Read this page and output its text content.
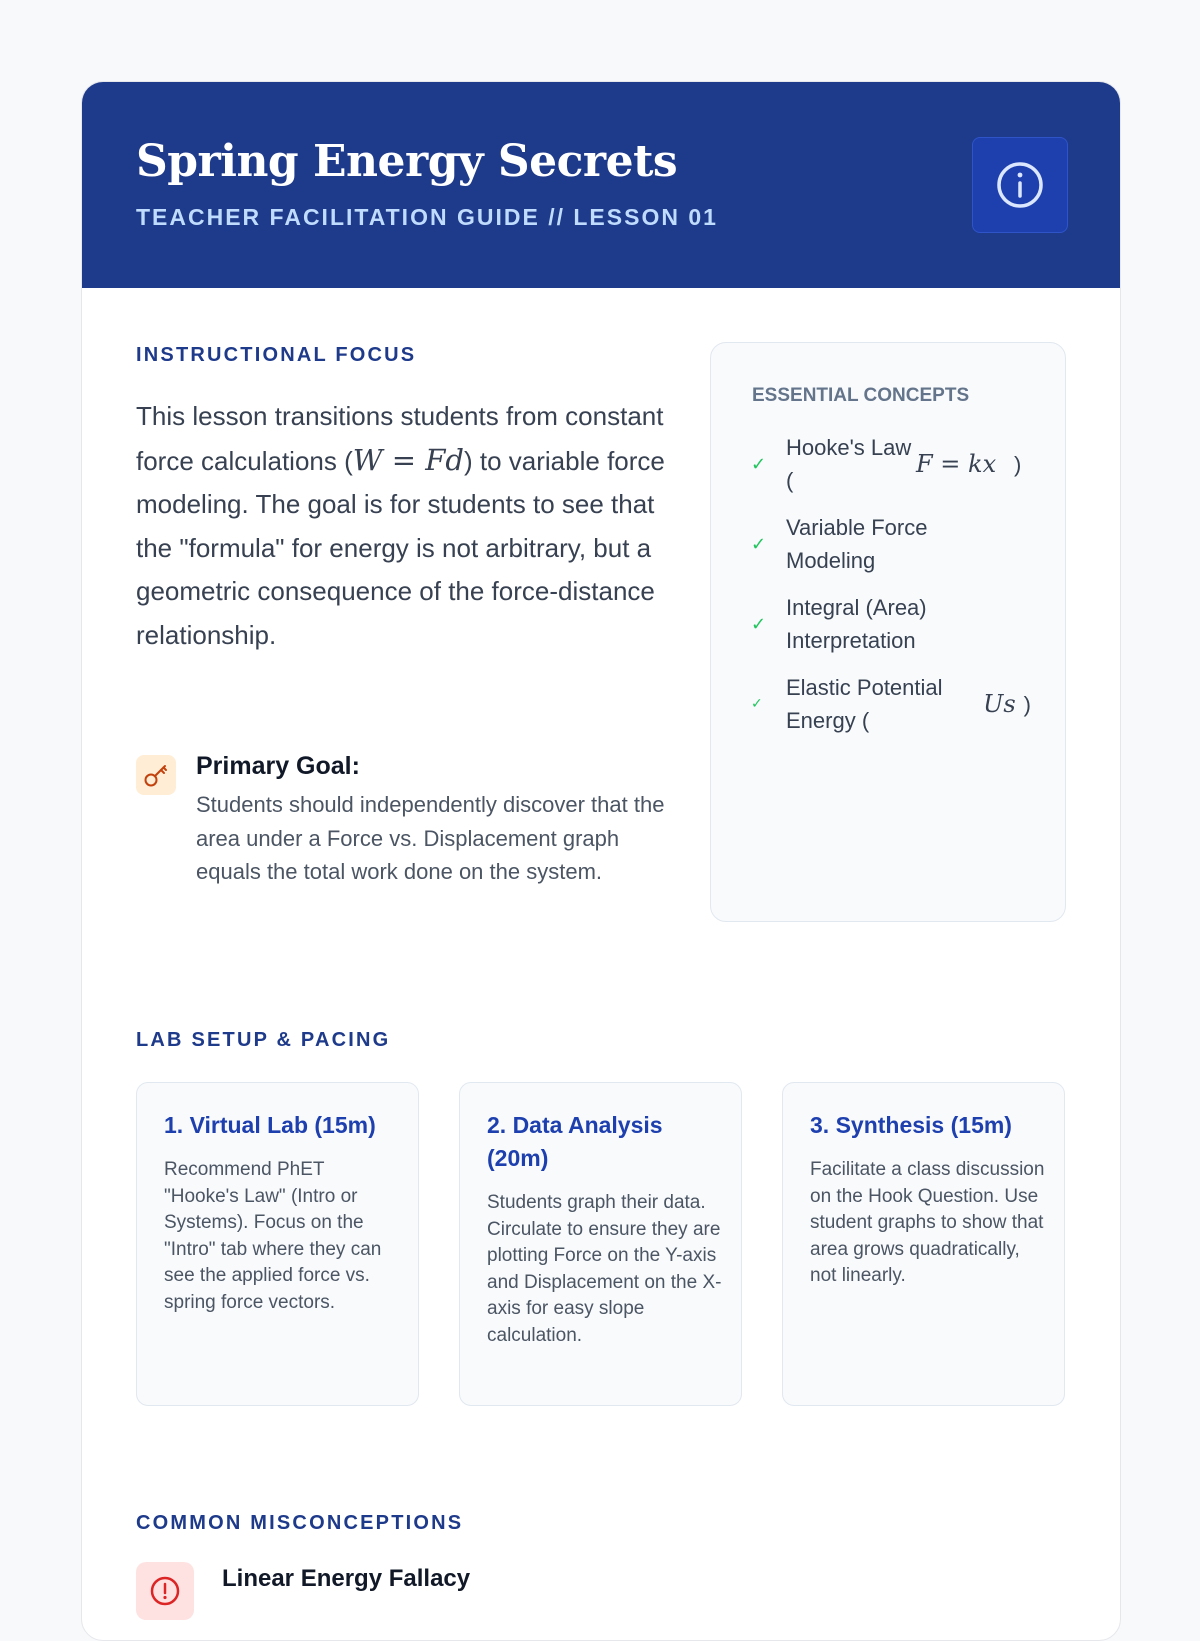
Spring Energy Secrets
TEACHER FACILITATION GUIDE // LESSON 01
INSTRUCTIONAL FOCUS
This lesson transitions students from constant force calculations (W = Fd) to variable force modeling. The goal is for students to see that the "formula" for energy is not arbitrary, but a geometric consequence of the force-distance relationship.
Primary Goal:
Students should independently discover that the area under a Force vs. Displacement graph equals the total work done on the system.
ESSENTIAL CONCEPTS
✓
Hooke's Law (
F = kx )
✓
Variable Force Modeling
✓
Integral (Area) Interpretation
✓
Elastic Potential Energy (
Us )
LAB SETUP & PACING
1. Virtual Lab (15m)
Recommend PhET "Hooke's Law" (Intro or Systems). Focus on the "Intro" tab where they can see the applied force vs. spring force vectors.
2. Data Analysis (20m)
Students graph their data. Circulate to ensure they are plotting Force on the Y-axis and Displacement on the X-axis for easy slope calculation.
3. Synthesis (15m)
Facilitate a class discussion on the Hook Question. Use student graphs to show that area grows quadratically, not linearly.
COMMON MISCONCEPTIONS
Linear Energy Fallacy
